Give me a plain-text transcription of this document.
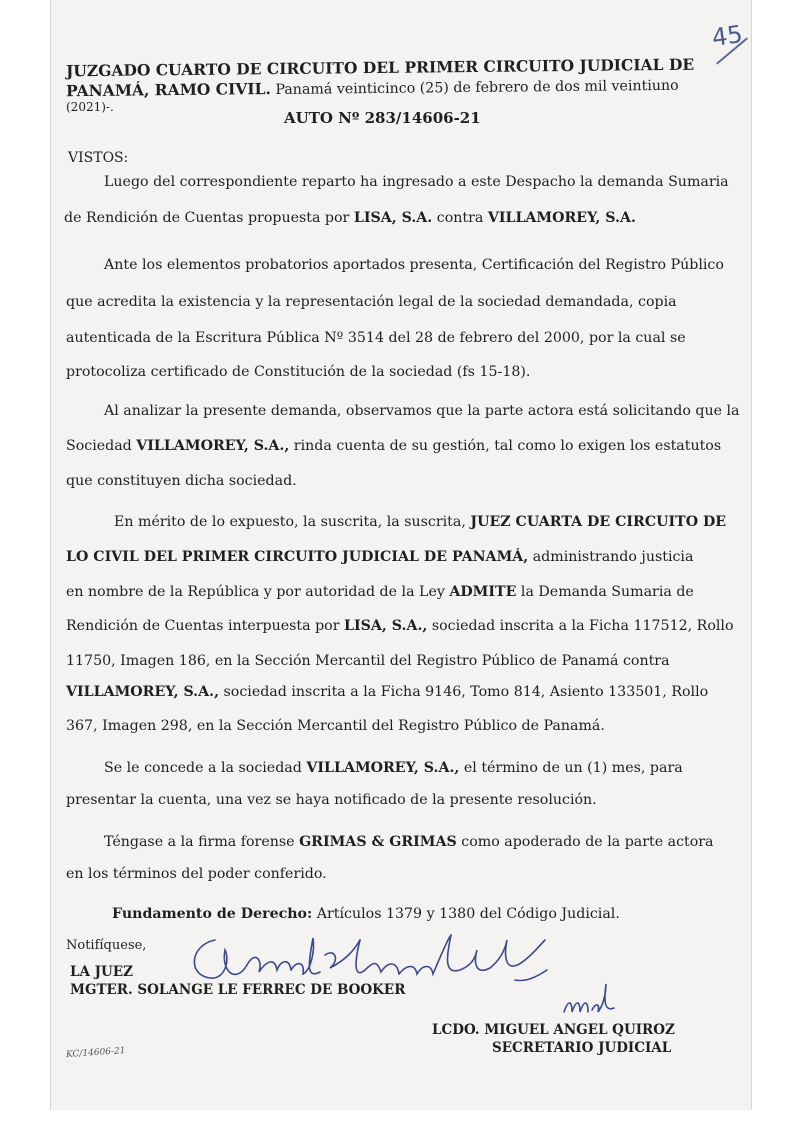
45
JUZGADO CUARTO DE CIRCUITO DEL PRIMER CIRCUITO JUDICIAL DE
PANAMÁ, RAMO CIVIL. Panamá veinticinco (25) de febrero de dos mil veintiuno
(2021)-.
AUTO Nº 283/14606-21
VISTOS:
Luego del correspondiente reparto ha ingresado a este Despacho la demanda Sumaria
de Rendición de Cuentas propuesta por LISA, S.A. contra VILLAMOREY, S.A.
Ante los elementos probatorios aportados presenta, Certificación del Registro Público
que acredita la existencia y la representación legal de la sociedad demandada, copia
autenticada de la Escritura Pública Nº 3514 del 28 de febrero del 2000, por la cual se
protocoliza certificado de Constitución de la sociedad (fs 15-18).
Al analizar la presente demanda, observamos que la parte actora está solicitando que la
Sociedad VILLAMOREY, S.A., rinda cuenta de su gestión, tal como lo exigen los estatutos
que constituyen dicha sociedad.
En mérito de lo expuesto, la suscrita, la suscrita, JUEZ CUARTA DE CIRCUITO DE
LO CIVIL DEL PRIMER CIRCUITO JUDICIAL DE PANAMÁ, administrando justicia
en nombre de la República y por autoridad de la Ley ADMITE la Demanda Sumaria de
Rendición de Cuentas interpuesta por LISA, S.A., sociedad inscrita a la Ficha 117512, Rollo
11750, Imagen 186, en la Sección Mercantil del Registro Público de Panamá contra
VILLAMOREY, S.A., sociedad inscrita a la Ficha 9146, Tomo 814, Asiento 133501, Rollo
367, Imagen 298, en la Sección Mercantil del Registro Público de Panamá.
Se le concede a la sociedad VILLAMOREY, S.A., el término de un (1) mes, para
presentar la cuenta, una vez se haya notificado de la presente resolución.
Téngase a la firma forense GRIMAS & GRIMAS como apoderado de la parte actora
en los términos del poder conferido.
Fundamento de Derecho: Artículos 1379 y 1380 del Código Judicial.
Notifíquese,
LA JUEZ
MGTER. SOLANGE LE FERREC DE BOOKER
LCDO. MIGUEL ANGEL QUIROZ
SECRETARIO JUDICIAL
KC/14606-21
